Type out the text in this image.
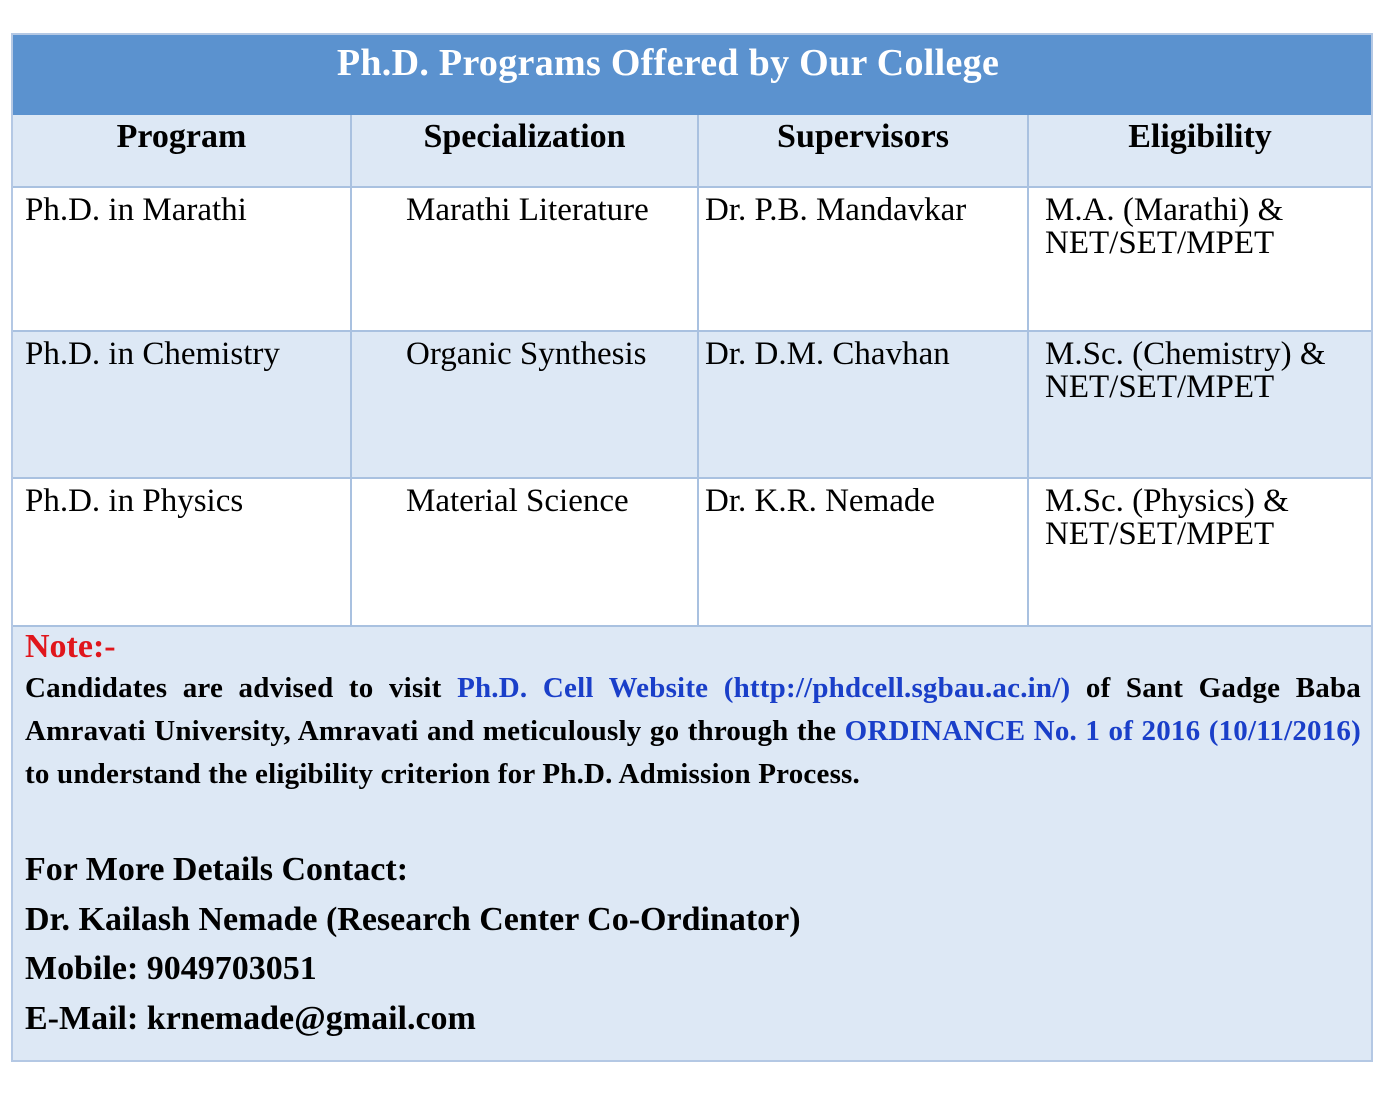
Ph.D. Programs Offered by Our College
Program	Specialization	Supervisors	Eligibility

Ph.D. in Marathi	Marathi Literature	Dr. P.B. Mandavkar	M.A. (Marathi) &
NET/SET/MPET

Ph.D. in Chemistry	Organic Synthesis	Dr. D.M. Chavhan	M.Sc. (Chemistry) &
NET/SET/MPET

Ph.D. in Physics	Material Science	Dr. K.R. Nemade	M.Sc. (Physics) &
NET/SET/MPET

Note:-

Candidates are advised to visit Ph.D. Cell Website (http://phdcell.sgbau.ac.in/) of Sant Gadge Baba Amravati University, Amravati and meticulously go through the ORDINANCE No. 1 of 2016 (10/11/2016) to understand the eligibility criterion for Ph.D. Admission Process.

For More Details Contact:
Dr. Kailash Nemade (Research Center Co-Ordinator)
Mobile: 9049703051
E-Mail: krnemade@gmail.com
